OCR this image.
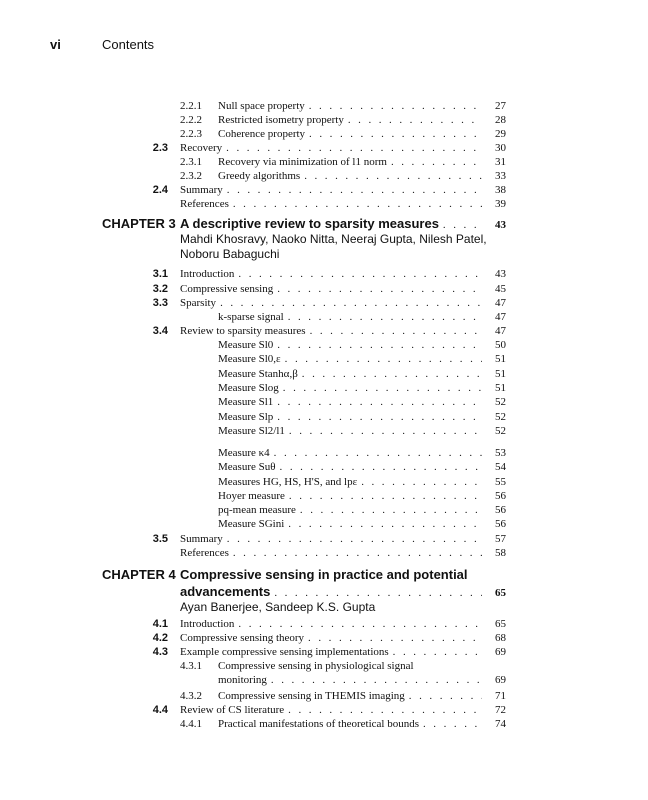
vi	Contents
2.2.1 Null space property . . .	27
2.2.2 Restricted isometry property . . .	28
2.2.3 Coherence property . . .	29
2.3 Recovery . . .	30
2.3.1 Recovery via minimization of l1 norm . . .	31
2.3.2 Greedy algorithms . . .	33
2.4 Summary . . .	38
References . . .	39
CHAPTER 3 A descriptive review to sparsity measures . . .	43
Mahdi Khosravy, Naoko Nitta, Neeraj Gupta, Nilesh Patel,
Noboru Babaguchi
3.1 Introduction . . .	43
3.2 Compressive sensing . . .	45
3.3 Sparsity . . .	47
k-sparse signal . . .	47
3.4 Review to sparsity measures . . .	47
Measure Sl0 . . .	50
Measure Sl0,ε . . .	51
Measure Stanhα,β . . .	51
Measure Slog . . .	51
Measure Sl1 . . .	52
Measure Slp . . .	52
Measure Sl2/l1 . . .	52
Measure κ4 . . .	53
Measure Suθ . . .	54
Measures HG, HS, H'S, and lpε . . .	55
Hoyer measure . . .	56
pq-mean measure . . .	56
Measure SGini . . .	56
3.5 Summary . . .	57
References . . .	58
CHAPTER 4 Compressive sensing in practice and potential
advancements . . .	65
Ayan Banerjee, Sandeep K.S. Gupta
4.1 Introduction . . .	65
4.2 Compressive sensing theory . . .	68
4.3 Example compressive sensing implementations . . .	69
4.3.1 Compressive sensing in physiological signal
monitoring . . .	69
4.3.2 Compressive sensing in THEMIS imaging . . .	71
4.4 Review of CS literature . . .	72
4.4.1 Practical manifestations of theoretical bounds . . .	74
